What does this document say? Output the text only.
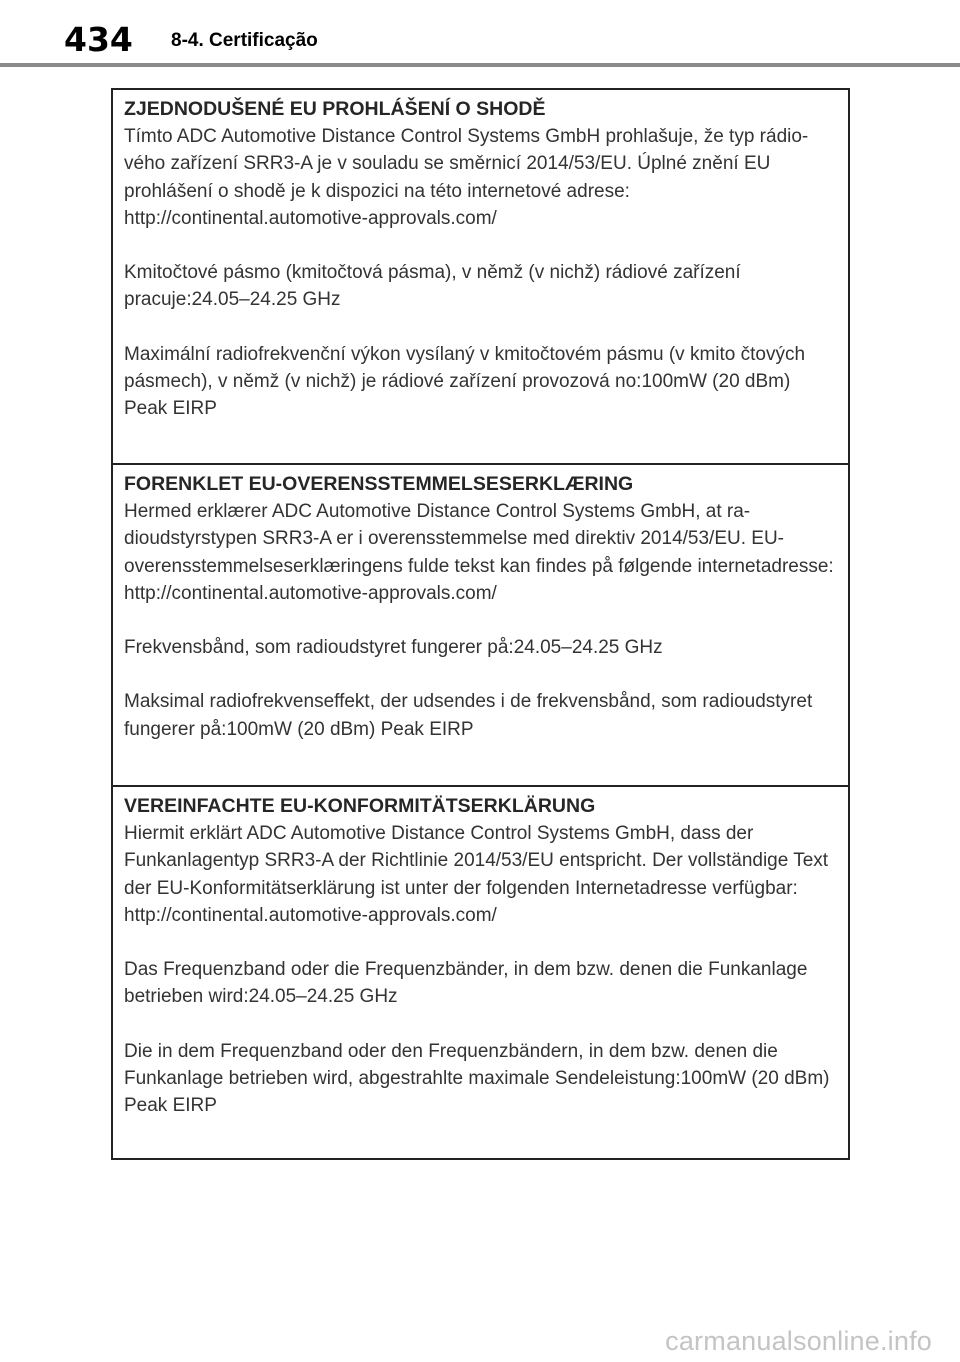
434 8-4. Certificação
ZJEDNODUŠENÉ EU PROHLÁŠENÍ O SHODĚ
Tímto ADC Automotive Distance Control Systems GmbH prohlašuje, že typ rádio-vého zařízení SRR3-A je v souladu se směrnicí 2014/53/EU. Úplné znění EU prohlášení o shodě je k dispozici na této internetové adrese: http://continental.automotive-approvals.com/
Kmitočtové pásmo (kmitočtová pásma), v němž (v nichž) rádiové zařízení pracuje:24.05–24.25 GHz
Maximální radiofrekvenční výkon vysílaný v kmitočtovém pásmu (v kmito čtových pásmech), v němž (v nichž) je rádiové zařízení provozová no:100mW (20 dBm) Peak EIRP
FORENKLET EU-OVERENSSTEMMELSESERKLÆRING
Hermed erklærer ADC Automotive Distance Control Systems GmbH, at ra-dioudstyrstypen SRR3-A er i overensstemmelse med direktiv 2014/53/EU. EU-overensstemmelseserklæringens fulde tekst kan findes på følgende internetadresse: http://continental.automotive-approvals.com/
Frekvensbånd, som radioudstyret fungerer på:24.05–24.25 GHz
Maksimal radiofrekvenseffekt, der udsendes i de frekvensbånd, som radioudstyret fungerer på:100mW (20 dBm) Peak EIRP
VEREINFACHTE EU-KONFORMITÄTSERKLÄRUNG
Hiermit erklärt ADC Automotive Distance Control Systems GmbH, dass der Funkanlagentyp SRR3-A der Richtlinie 2014/53/EU entspricht. Der vollständige Text der EU-Konformitätserklärung ist unter der folgenden Internetadresse verfügbar: http://continental.automotive-approvals.com/
Das Frequenzband oder die Frequenzbänder, in dem bzw. denen die Funkanlage betrieben wird:24.05–24.25 GHz
Die in dem Frequenzband oder den Frequenzbändern, in dem bzw. denen die Funkanlage betrieben wird, abgestrahlte maximale Sendeleistung:100mW (20 dBm) Peak EIRP
carmanualsonline.info
